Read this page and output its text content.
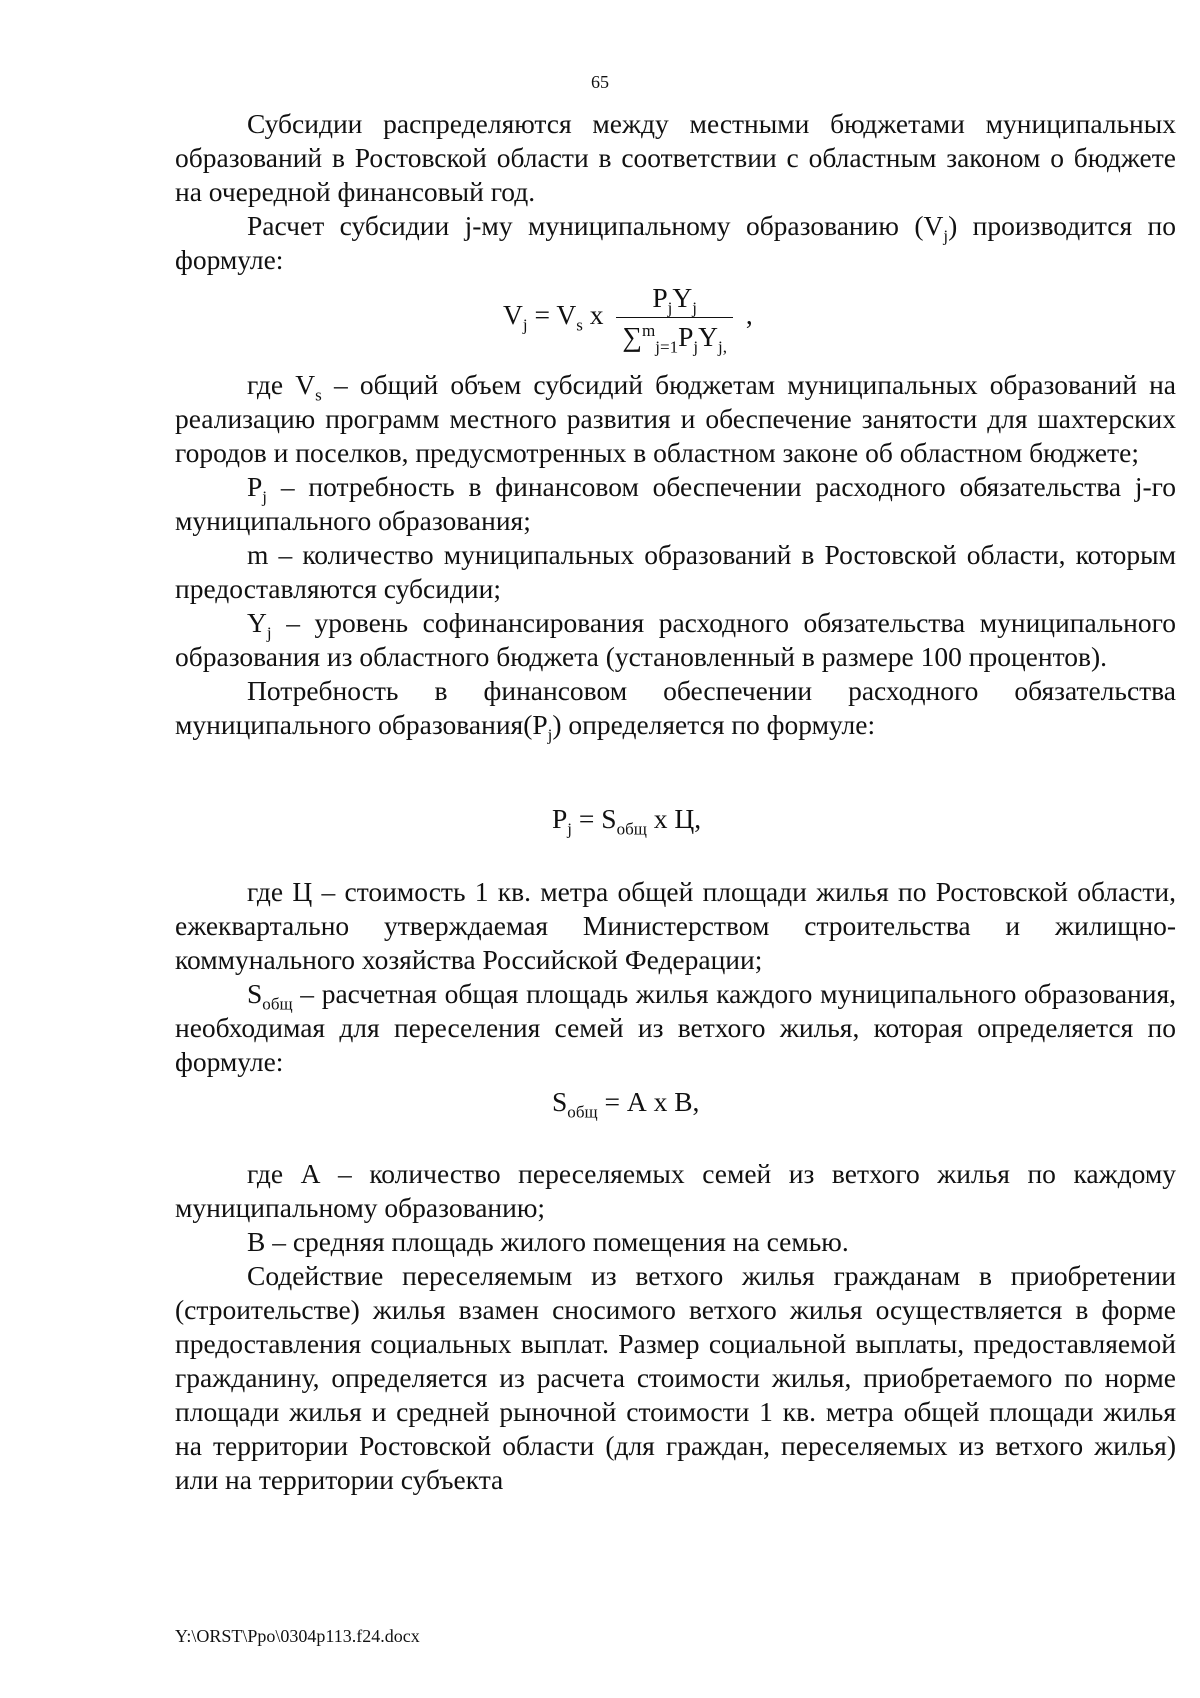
65

Субсидии распределяются между местными бюджетами муниципальных образований в Ростовской области в соответствии с областным законом о бюджете на очередной финансовый год.

Расчет субсидии j-му муниципальному образованию $(V_j)$ производится по формуле:

$V_j = V_s$ x $\frac{P_jY_j}{\sum^m_{j=1}P_jY_{j,}}$ ,

где $V_s$ – общий объем субсидий бюджетам муниципальных образований на реализацию программ местного развития и обеспечение занятости для шахтерских городов и поселков, предусмотренных в областном законе об областном бюджете;

$P_j$ – потребность в финансовом обеспечении расходного обязательства j-го муниципального образования;

m – количество муниципальных образований в Ростовской области, которым предоставляются субсидии;

$Y_j$ – уровень софинансирования расходного обязательства муниципального образования из областного бюджета (установленный в размере 100 процентов).

Потребность в финансовом обеспечении расходного обязательства муниципального $образования(P_j)$ определяется по формуле:

$P_j = S_{общ}$ x Ц,

где Ц – стоимость 1 кв. метра общей площади жилья по Ростовской области, ежеквартально утверждаемая Министерством строительства и жилищно-коммунального хозяйства Российской Федерации;

$S_{общ}$ – расчетная общая площадь жилья каждого муниципального образования, необходимая для переселения семей из ветхого жилья, которая определяется по формуле:

$S_{общ} = А$ х В,

где А – количество переселяемых семей из ветхого жилья по каждому муниципальному образованию;

В – средняя площадь жилого помещения на семью.

Содействие переселяемым из ветхого жилья гражданам в приобретении (строительстве) жилья взамен сносимого ветхого жилья осуществляется в форме предоставления социальных выплат. Размер социальной выплаты, предоставляемой гражданину, определяется из расчета стоимости жилья, приобретаемого по норме площади жилья и средней рыночной стоимости 1 кв. метра общей площади жилья на территории Ростовской области (для граждан, переселяемых из ветхого жилья) или на территории субъекта

Y:\ORST\Ppo\0304p113.f24.docx
